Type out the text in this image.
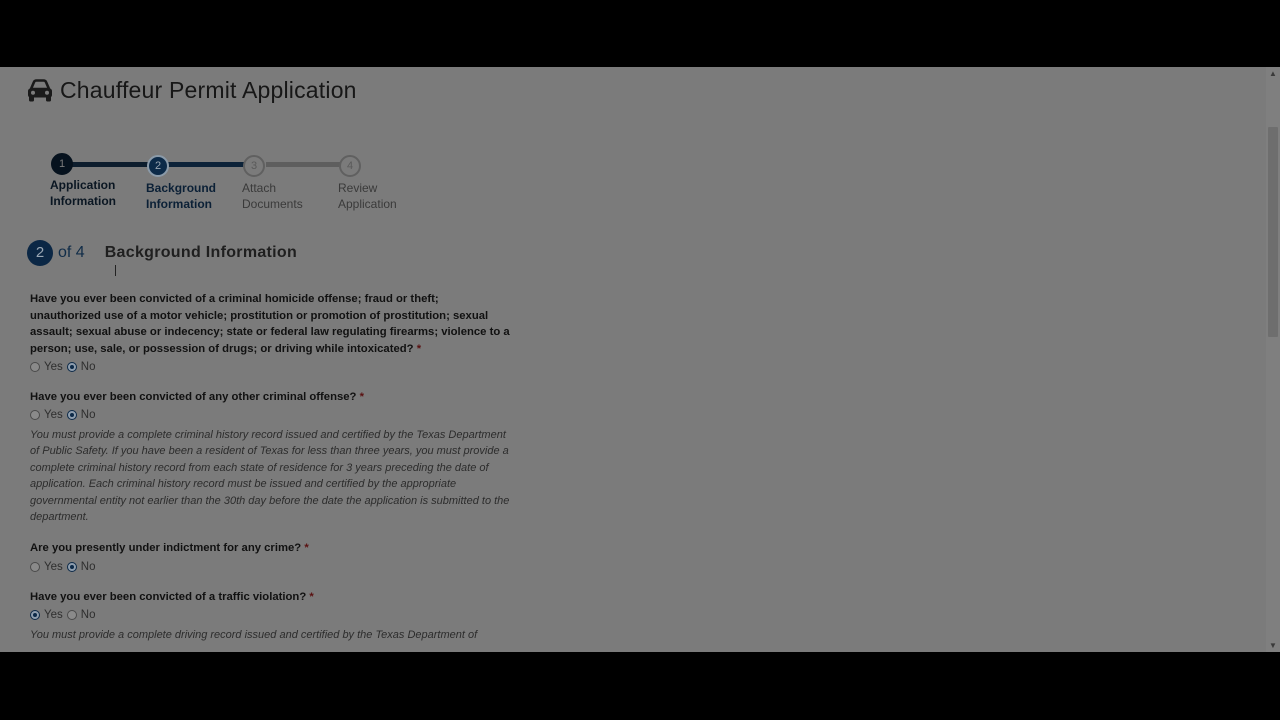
Chauffeur Permit Application
1	2	3	4
Application
Information
Background
Information
Attach
Documents
Review
Application
2 of 4 Background Information
Have you ever been convicted of a criminal homicide offense; fraud or theft; unauthorized use of a motor vehicle; prostitution or promotion of prostitution; sexual assault; sexual abuse or indecency; state or federal law regulating firearms; violence to a person; use, sale, or possession of drugs; or driving while intoxicated? *
Yes No
Have you ever been convicted of any other criminal offense? *
Yes No
You must provide a complete criminal history record issued and certified by the Texas Department of Public Safety. If you have been a resident of Texas for less than three years, you must provide a complete criminal history record from each state of residence for 3 years preceding the date of application. Each criminal history record must be issued and certified by the appropriate governmental entity not earlier than the 30th day before the date the application is submitted to the department.
Are you presently under indictment for any crime? *
Yes No
Have you ever been convicted of a traffic violation? *
Yes No
You must provide a complete driving record issued and certified by the Texas Department of
▲
▼
